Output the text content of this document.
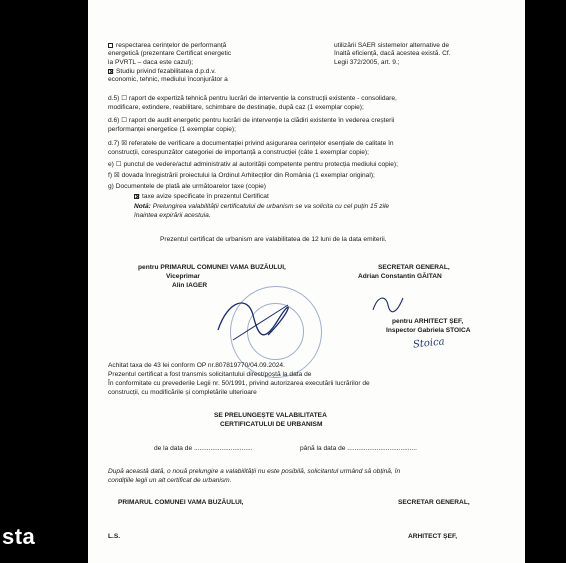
respectarea cerințelor de performanță
energetică (prezentare Certificat energetic
la PVRTL – daca este cazul);
Studiu privind fezabilitatea d.p.d.v.
economic, tehnic, mediului înconjurător a
utilizării SAER sistemelor alternative de
înaltă eficiență, dacă acestea există. Cf.
Legii 372/2005, art. 9.;
d.5) ☐ raport de expertiză tehnică pentru lucrări de intervenție la construcții existente - consolidare,
modificare, extindere, reabilitare, schimbare de destinație, după caz (1 exemplar copie);
d.6) ☐ raport de audit energetic pentru lucrări de intervenție la clădiri existente în vederea creșterii
performanței energetice (1 exemplar copie);
d.7) ☒ referatele de verificare a documentației privind asigurarea cerințelor esențiale de calitate în
construcții, corespunzător categoriei de importanță a construcției (câte 1 exemplar copie);
e) ☐ punctul de vedere/actul administrativ al autorității competente pentru protecția mediului copie);
f) ☒ dovada înregistrării proiectului la Ordinul Arhitecților din România (1 exemplar original);
g) Documentele de plată ale următoarelor taxe (copie)
taxe avize specificate în prezentul Certificat
Notă: Prelungirea valabilității certificatului de urbanism se va solicita cu cel puțin 15 zile
înaintea expirării acestuia.
Prezentul certificat de urbanism are valabilitatea de 12 luni de la data emiterii.
pentru PRIMARUL COMUNEI VAMA BUZĂULUI,
Viceprimar
Alin IAGER
SECRETAR GENERAL,
Adrian Constantin GĂITAN
pentru ARHITECT ȘEF,
Inspector Gabriela STOICA
Stoica
Achitat taxa de 43 lei conform OP nr.807819770/04.09.2024.
Prezentul certificat a fost transmis solicitantului direct/poștă la data de
În conformitate cu prevederile Legii nr. 50/1991, privind autorizarea executării lucrărilor de
construcții, cu modificările și completările ulterioare
SE PRELUNGEȘTE VALABILITATEA
CERTIFICATULUI DE URBANISM
de la data de ................................	până la data de ......................................
După această dată, o nouă prelungire a valabilității nu este posibilă, solicitantul urmând să obțină, în
condițiile legii un alt certificat de urbanism.
PRIMARUL COMUNEI VAMA BUZĂULUI,	SECRETAR GENERAL,
L.S.	ARHITECT ȘEF,
sta
